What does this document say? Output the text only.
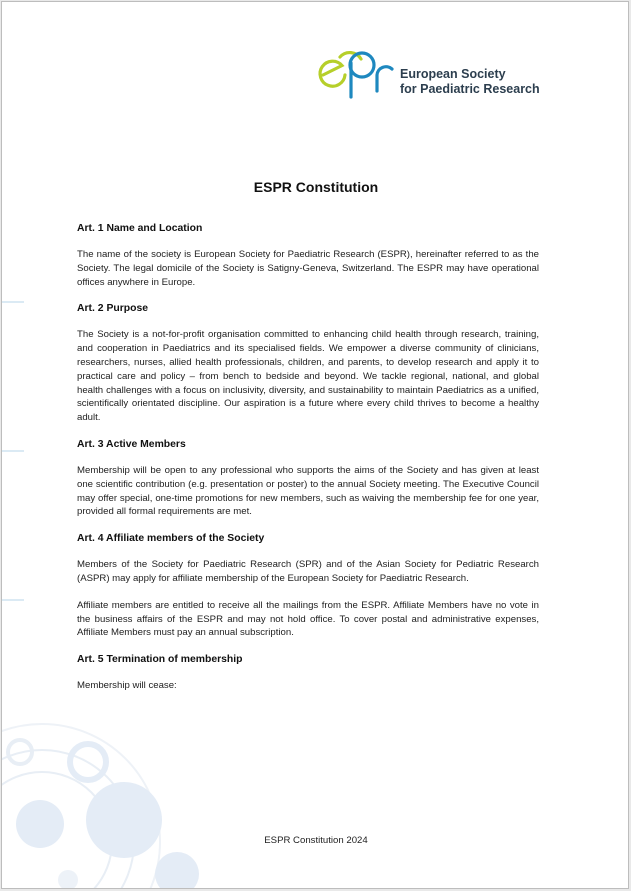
European Society
for Paediatric Research
ESPR Constitution
Art. 1 Name and Location

The name of the society is European Society for Paediatric Research (ESPR), hereinafter referred to as the Society. The legal domicile of the Society is Satigny-Geneva, Switzerland. The ESPR may have operational offices anywhere in Europe.

Art. 2 Purpose

The Society is a not-for-profit organisation committed to enhancing child health through research, training, and cooperation in Paediatrics and its specialised fields. We empower a diverse community of clinicians, researchers, nurses, allied health professionals, children, and parents, to develop research and apply it to practical care and policy – from bench to bedside and beyond. We tackle regional, national, and global health challenges with a focus on inclusivity, diversity, and sustainability to maintain Paediatrics as a unified, scientifically orientated discipline. Our aspiration is a future where every child thrives to become a healthy adult.

Art. 3 Active Members

Membership will be open to any professional who supports the aims of the Society and has given at least one scientific contribution (e.g. presentation or poster) to the annual Society meeting. The Executive Council may offer special, one-time promotions for new members, such as waiving the membership fee for one year, provided all formal requirements are met.

Art. 4 Affiliate members of the Society

Members of the Society for Paediatric Research (SPR) and of the Asian Society for Pediatric Research (ASPR) may apply for affiliate membership of the European Society for Paediatric Research.

Affiliate members are entitled to receive all the mailings from the ESPR. Affiliate Members have no vote in the business affairs of the ESPR and may not hold office. To cover postal and administrative expenses, Affiliate Members must pay an annual subscription.

Art. 5 Termination of membership

Membership will cease:

ESPR Constitution 2024
